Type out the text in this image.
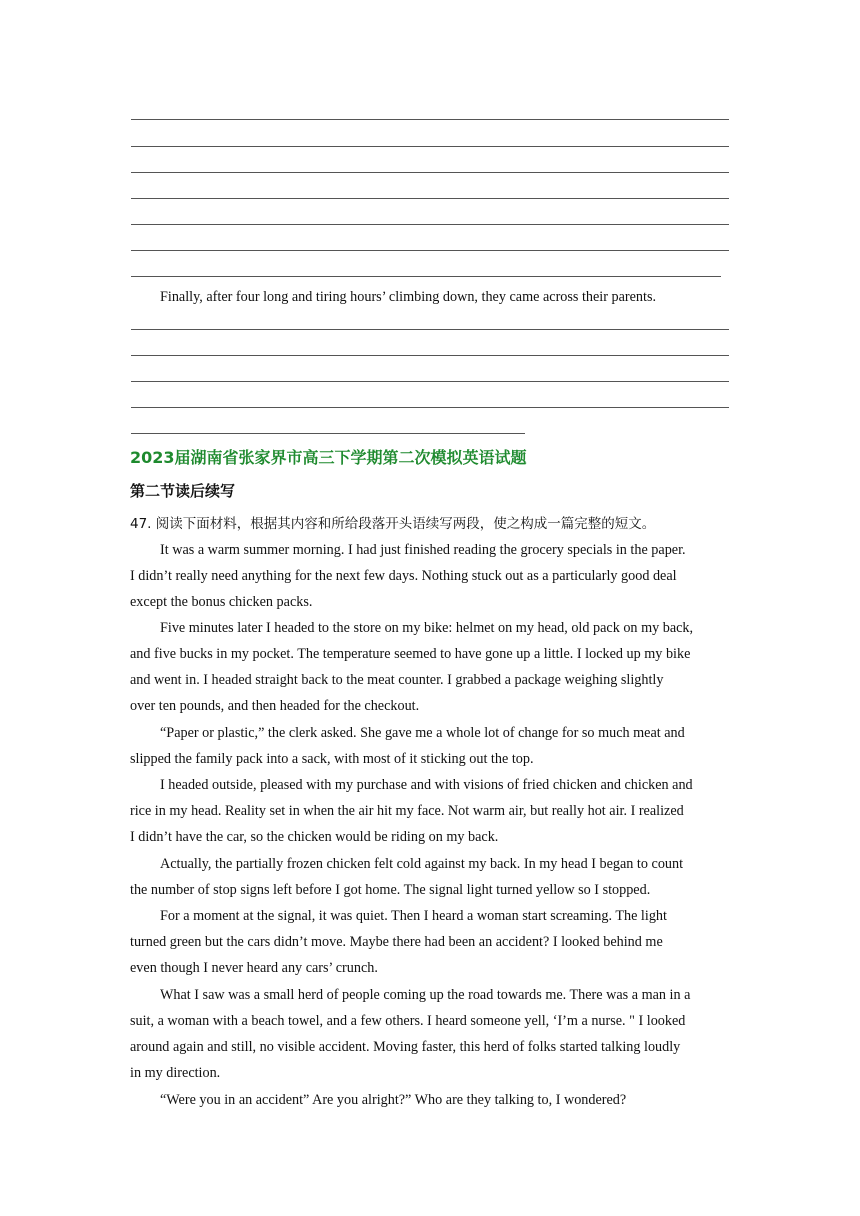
Finally, after four long and tiring hours’ climbing down, they came across their parents.
2023届湖南省张家界市高三下学期第二次模拟英语试题
第二节读后续写
47. 阅读下面材料，根据其内容和所给段落开头语续写两段，使之构成一篇完整的短文。
It was a warm summer morning. I had just finished reading the grocery specials in the paper.
I didn’t really need anything for the next few days. Nothing stuck out as a particularly good deal
except the bonus chicken packs.
Five minutes later I headed to the store on my bike: helmet on my head, old pack on my back,
and five bucks in my pocket. The temperature seemed to have gone up a little. I locked up my bike
and went in. I headed straight back to the meat counter. I grabbed a package weighing slightly
over ten pounds, and then headed for the checkout.
“Paper or plastic,” the clerk asked. She gave me a whole lot of change for so much meat and
slipped the family pack into a sack, with most of it sticking out the top.
I headed outside, pleased with my purchase and with visions of fried chicken and chicken and
rice in my head. Reality set in when the air hit my face. Not warm air, but really hot air. I realized
I didn’t have the car, so the chicken would be riding on my back.
Actually, the partially frozen chicken felt cold against my back. In my head I began to count
the number of stop signs left before I got home. The signal light turned yellow so I stopped.
For a moment at the signal, it was quiet. Then I heard a woman start screaming. The light
turned green but the cars didn’t move. Maybe there had been an accident? I looked behind me
even though I never heard any cars’ crunch.
What I saw was a small herd of people coming up the road towards me. There was a man in a
suit, a woman with a beach towel, and a few others. I heard someone yell, ‘I’m a nurse. " I looked
around again and still, no visible accident. Moving faster, this herd of folks started talking loudly
in my direction.
“Were you in an accident” Are you alright?” Who are they talking to, I wondered?
